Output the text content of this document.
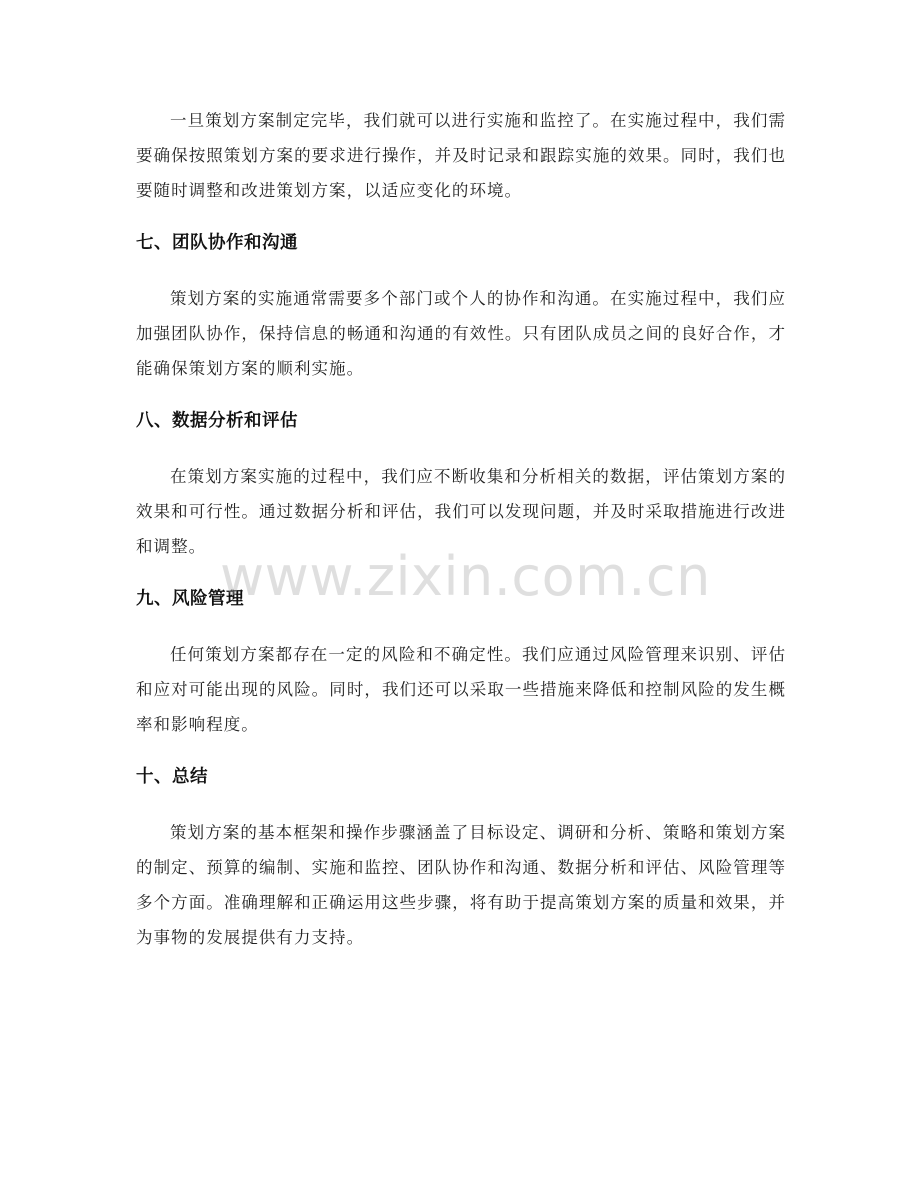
一旦策划方案制定完毕，我们就可以进行实施和监控了。在实施过程中，我们需要确保按照策划方案的要求进行操作，并及时记录和跟踪实施的效果。同时，我们也要随时调整和改进策划方案，以适应变化的环境。

七、团队协作和沟通

策划方案的实施通常需要多个部门或个人的协作和沟通。在实施过程中，我们应加强团队协作，保持信息的畅通和沟通的有效性。只有团队成员之间的良好合作，才能确保策划方案的顺利实施。

八、数据分析和评估

在策划方案实施的过程中，我们应不断收集和分析相关的数据，评估策划方案的效果和可行性。通过数据分析和评估，我们可以发现问题，并及时采取措施进行改进和调整。

九、风险管理

任何策划方案都存在一定的风险和不确定性。我们应通过风险管理来识别、评估和应对可能出现的风险。同时，我们还可以采取一些措施来降低和控制风险的发生概率和影响程度。

十、总结

策划方案的基本框架和操作步骤涵盖了目标设定、调研和分析、策略和策划方案的制定、预算的编制、实施和监控、团队协作和沟通、数据分析和评估、风险管理等多个方面。准确理解和正确运用这些步骤，将有助于提高策划方案的质量和效果，并为事物的发展提供有力支持。

www.zixin.com.cn
